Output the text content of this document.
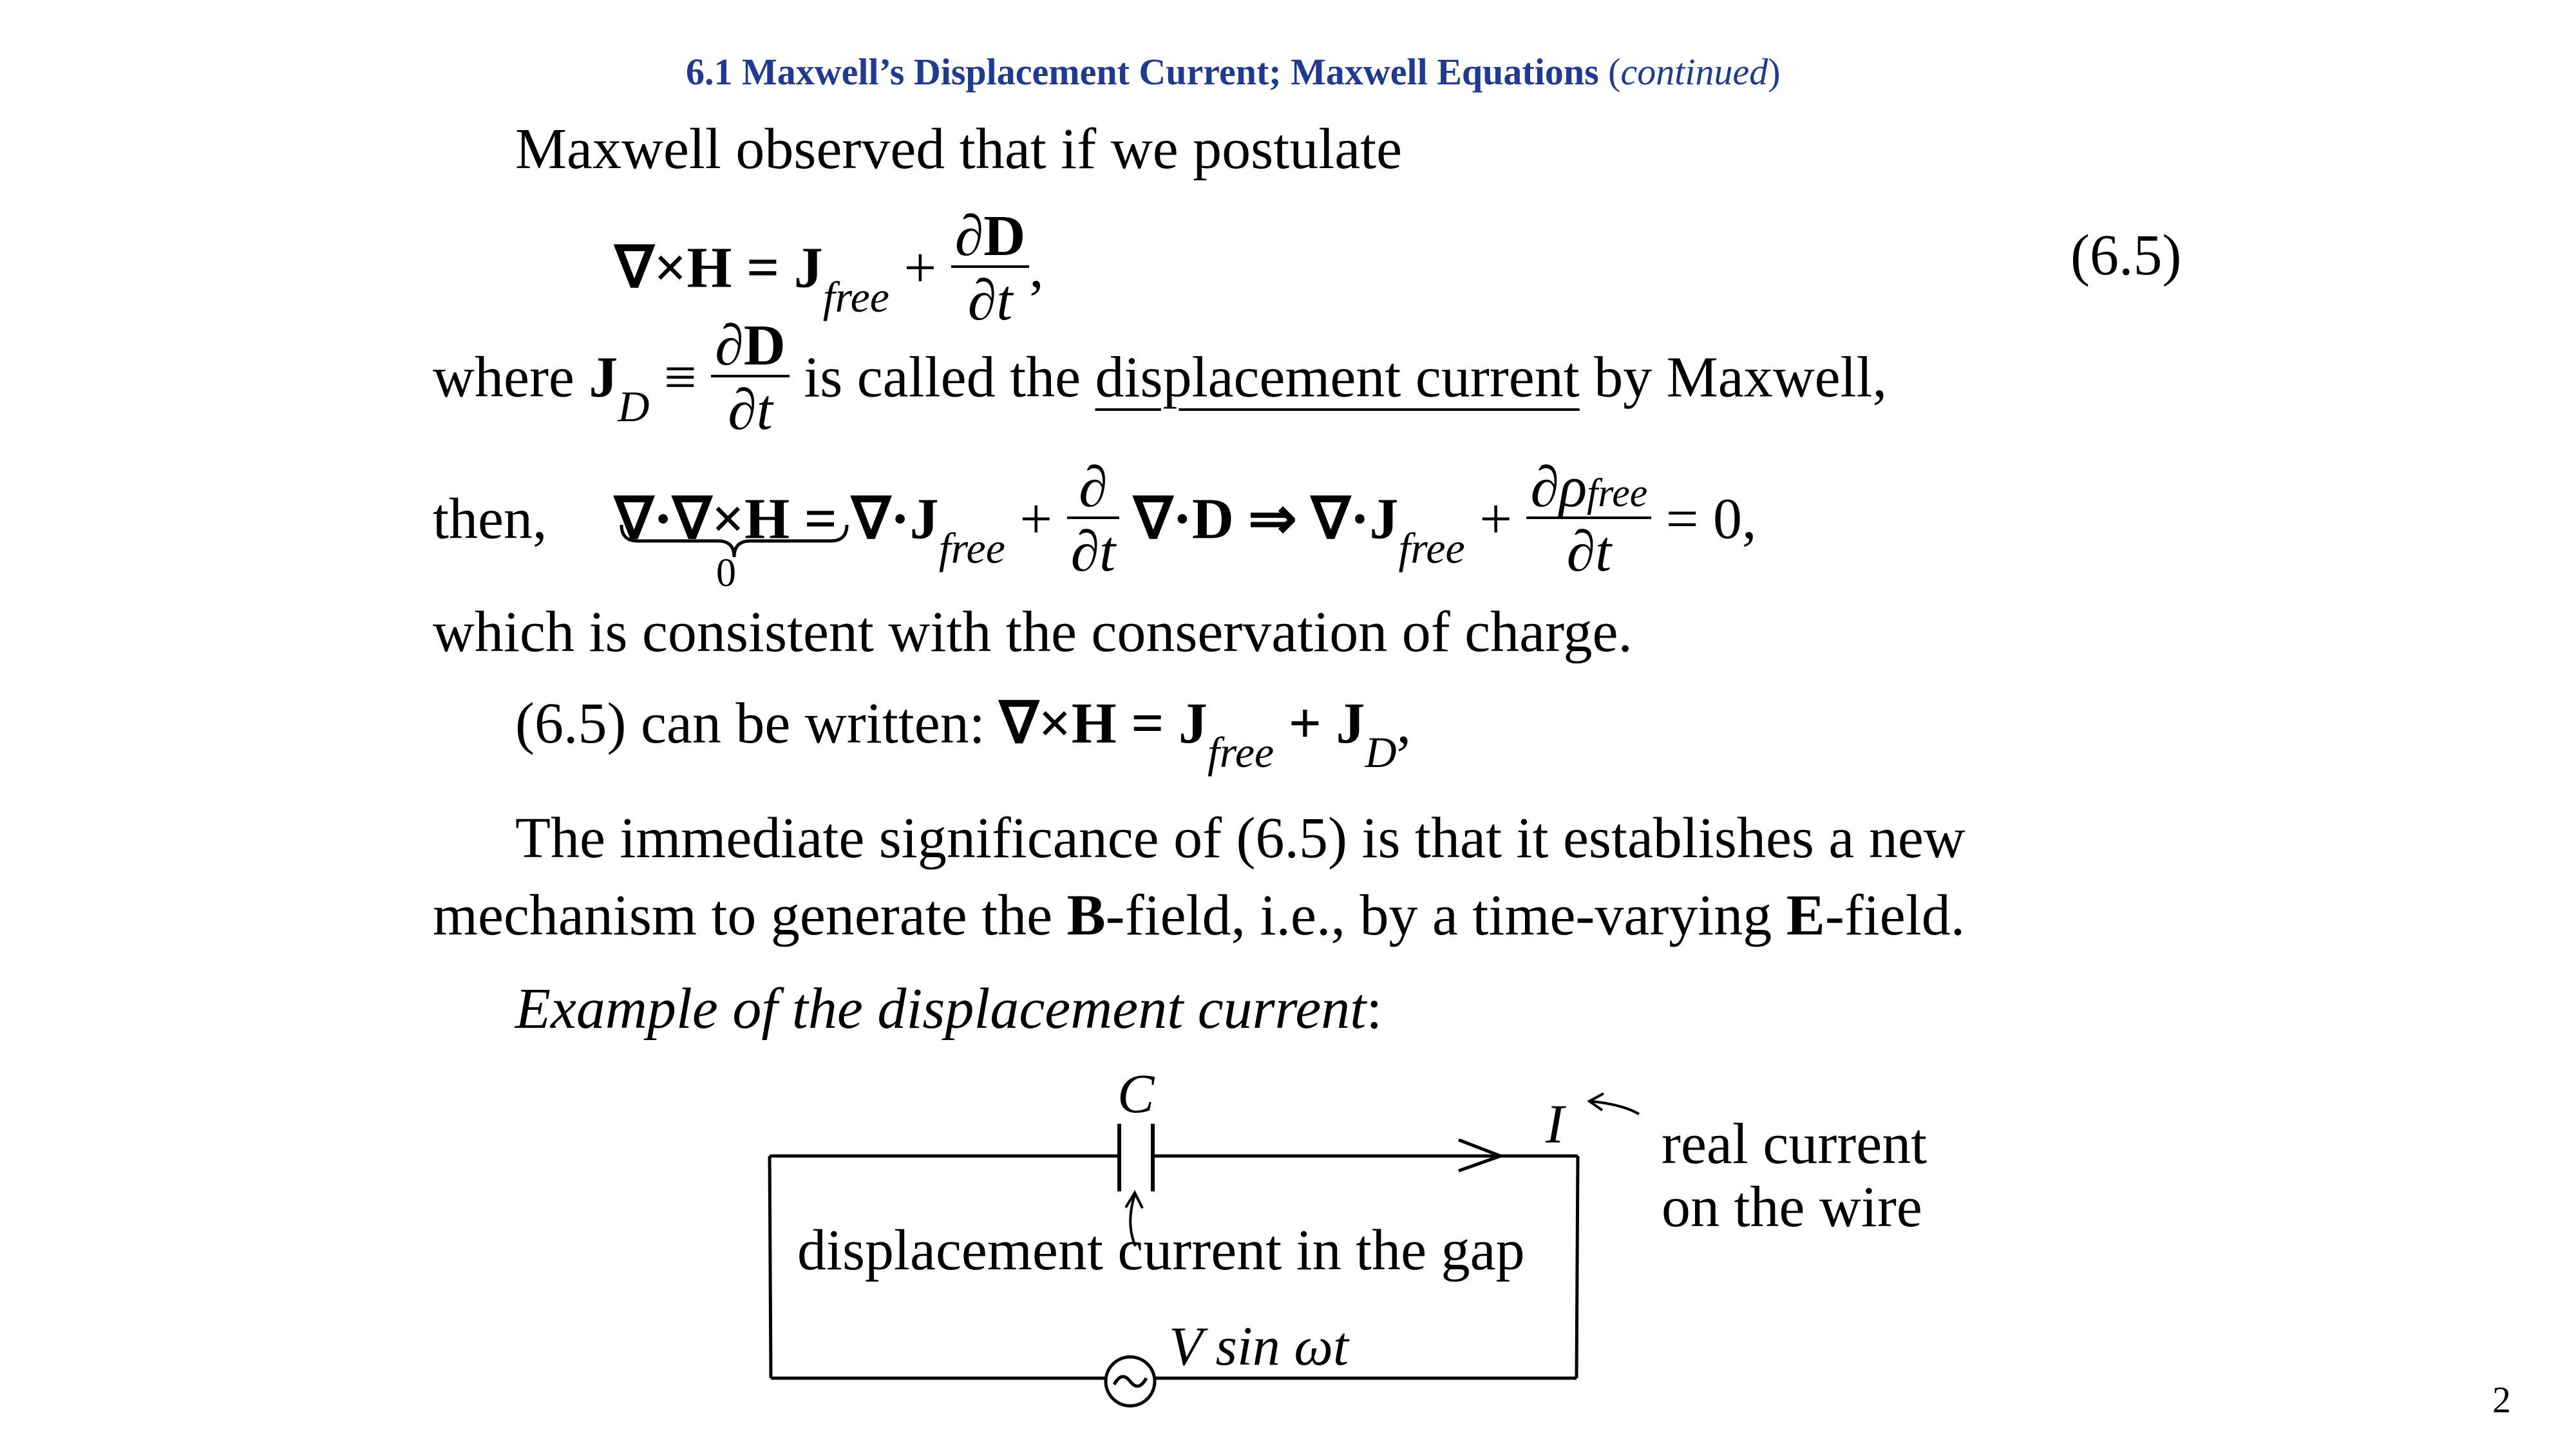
6.1 Maxwell’s Displacement Current; Maxwell Equations (continued)
Maxwell observed that if we postulate
$\nabla\times H = J_{free} + \frac{\partial D}{\partial t}$ ,	(6.5)
where $J_D \equiv \frac{\partial D}{\partial t}$ is called the displacement current by Maxwell,
then, $\nabla\cdot\nabla\times H = \nabla\cdot J_{free} + \frac{\partial}{\partial t} \nabla\cdot D$ ⇒ $\nabla\cdot J_{free} + \frac{\text{∂ρfree}}{\partial t} = 0$,
0
which is consistent with the conservation of charge.
(6.5) can be written: $\nabla\times H = J_{free} + J_D$,
The immediate significance of (6.5) is that it establishes a new
mechanism to generate the B-field, i.e., by a time-varying E-field.
Example of the displacement current:
C	I real current
on the wire
displacement current in the gap
V sin ωt
2
